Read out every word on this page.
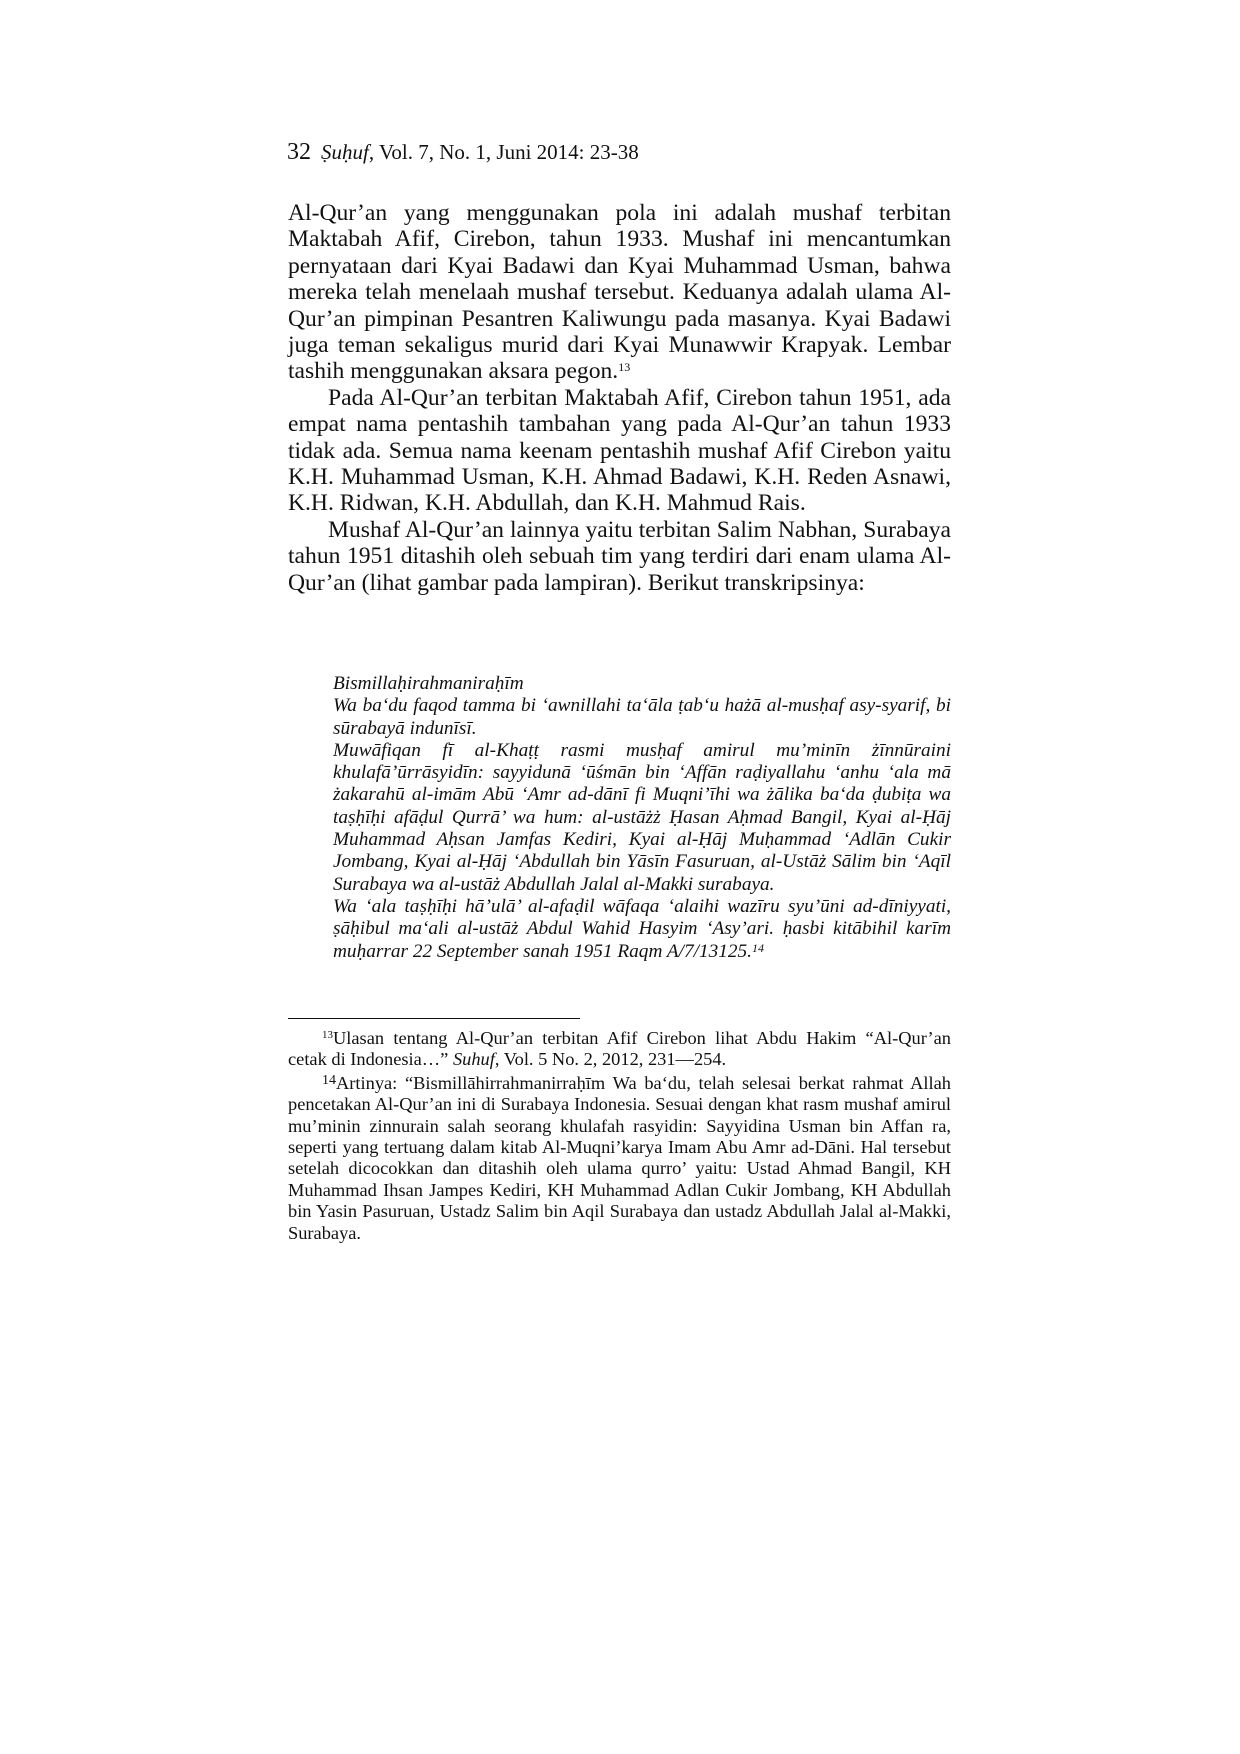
32 Ṣuḥuf, Vol. 7, No. 1, Juni 2014: 23-38

Al-Qur’an yang menggunakan pola ini adalah mushaf terbitan Maktabah Afif, Cirebon, tahun 1933. Mushaf ini mencantumkan pernyataan dari Kyai Badawi dan Kyai Muhammad Usman, bahwa mereka telah menelaah mushaf tersebut. Keduanya adalah ulama Al-Qur’an pimpinan Pesantren Kaliwungu pada masanya. Kyai Badawi juga teman sekaligus murid dari Kyai Munawwir Krapyak. Lembar tashih menggunakan aksara pegon.$^{13}$

Pada Al-Qur’an terbitan Maktabah Afif, Cirebon tahun 1951, ada empat nama pentashih tambahan yang pada Al-Qur’an tahun 1933 tidak ada. Semua nama keenam pentashih mushaf Afif Cirebon yaitu K.H. Muhammad Usman, K.H. Ahmad Badawi, K.H. Reden Asnawi, K.H. Ridwan, K.H. Abdullah, dan K.H. Mahmud Rais.

Mushaf Al-Qur’an lainnya yaitu terbitan Salim Nabhan, Surabaya tahun 1951 ditashih oleh sebuah tim yang terdiri dari enam ulama Al-Qur’an (lihat gambar pada lampiran). Berikut transkripsinya:

Bismillaḥirahmaniraḥīm

Wa ba‘du faqod tamma bi ‘awnillahi ta‘āla ṭab‘u hażā al-musḥaf asy-syarif, bi sūrabayā indunīsī.

Muwāfiqan fī al-Khaṭṭ rasmi musḥaf amirul mu’minīn żīnnūraini khulafā’ūrrāsyidīn: sayyidunā ‘ūśmān bin ‘Affān raḍiyallahu ‘anhu ‘ala mā żakarahū al-imām Abū ‘Amr ad-dānī fi Muqni’īhi wa żālika ba‘da ḍubiṭa wa taṣḥīḥi afāḍul Qurrā’ wa hum: al-ustāżż Ḥasan Aḥmad Bangil, Kyai al-Ḥāj Muhammad Aḥsan Jamfas Kediri, Kyai al-Ḥāj Muḥammad ‘Adlān Cukir Jombang, Kyai al-Ḥāj ‘Abdullah bin Yāsīn Fasuruan, al-Ustāż Sālim bin ‘Aqīl Surabaya wa al-ustāż Abdullah Jalal al-Makki surabaya.

Wa ‘ala taṣḥīḥi hā’ulā’ al-afaḍil wāfaqa ‘alaihi wazīru syu’ūni ad-dīniyyati, ṣāḥibul ma‘ali al-ustāż Abdul Wahid Hasyim ‘Asy’ari. ḥasbi kitābihil karīm muḥarrar 22 September sanah 1951 Raqm A/7/13125.14

$^{13}$Ulasan tentang Al-Qur’an terbitan Afif Cirebon lihat Abdu Hakim “Al-Qur’an cetak di Indonesia…” Suhuf, Vol. 5 No. 2, 2012, 231—254.

$^{14}$Artinya: “Bismillāhirrahmanirraḥīm Wa ba‘du, telah selesai berkat rahmat Allah pencetakan Al-Qur’an ini di Surabaya Indonesia. Sesuai dengan khat rasm mushaf amirul mu’minin zinnurain salah seorang khulafah rasyidin: Sayyidina Usman bin Affan ra, seperti yang tertuang dalam kitab Al-Muqni’karya Imam Abu Amr ad-Dāni. Hal tersebut setelah dicocokkan dan ditashih oleh ulama qurro’ yaitu: Ustad Ahmad Bangil, KH Muhammad Ihsan Jampes Kediri, KH Muhammad Adlan Cukir Jombang, KH Abdullah bin Yasin Pasuruan, Ustadz Salim bin Aqil Surabaya dan ustadz Abdullah Jalal al-Makki, Surabaya.
